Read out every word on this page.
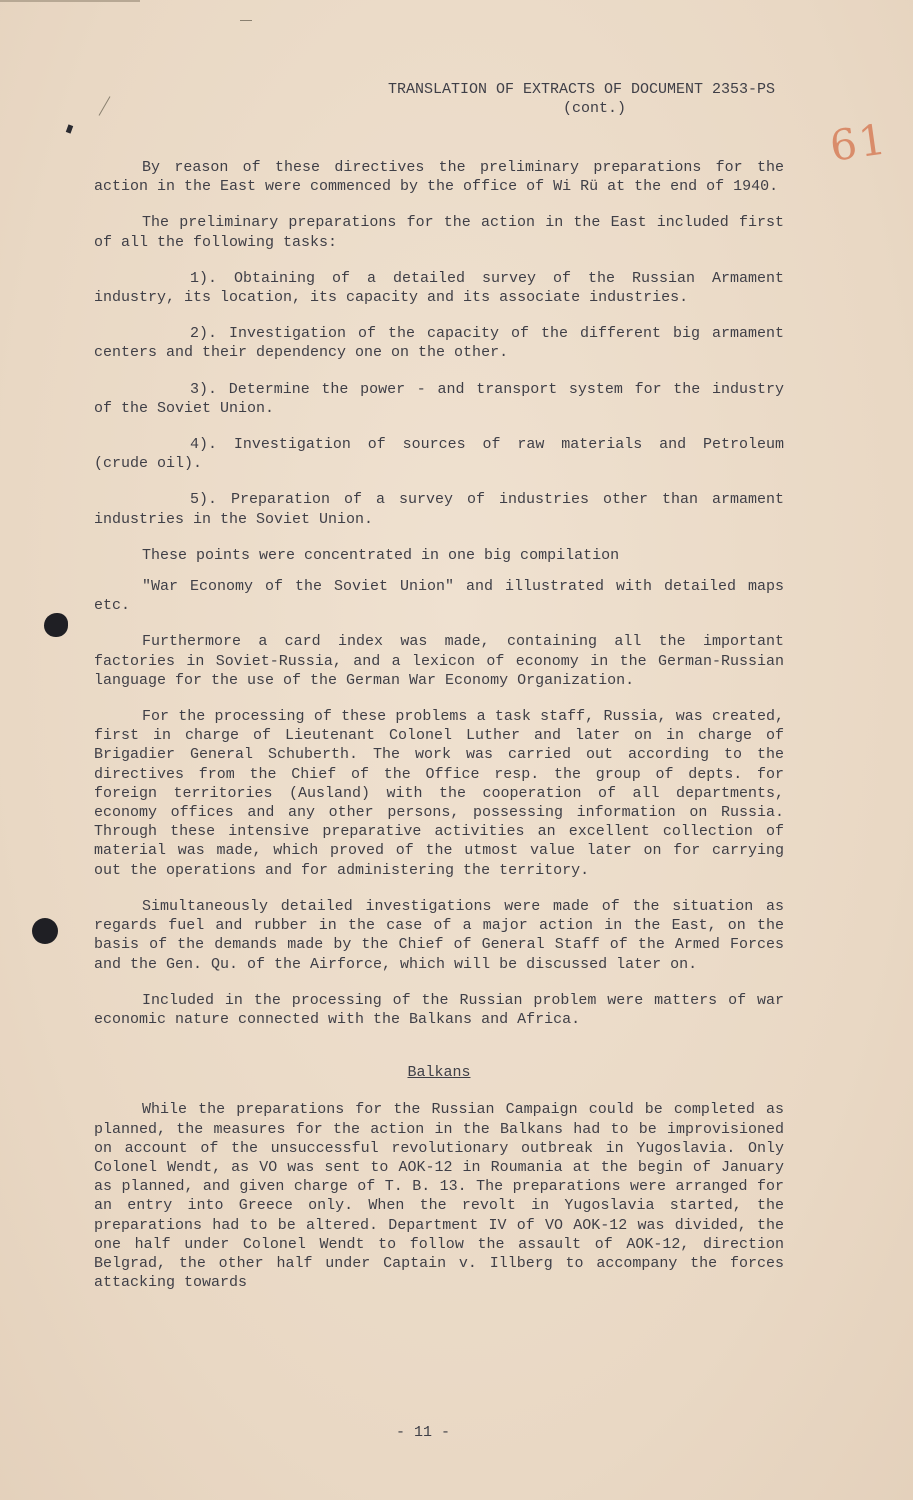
TRANSLATION OF EXTRACTS OF DOCUMENT 2353-PS
(cont.)
61

By reason of these directives the preliminary preparations for the action in the East were commenced by the office of Wi Rü at the end of 1940.

The preliminary preparations for the action in the East included first of all the following tasks:

1). Obtaining of a detailed survey of the Russian Armament industry, its location, its capacity and its associate industries.

2). Investigation of the capacity of the different big armament centers and their dependency one on the other.

3). Determine the power - and transport system for the industry of the Soviet Union.

4). Investigation of sources of raw materials and Petroleum (crude oil).

5). Preparation of a survey of industries other than armament industries in the Soviet Union.

These points were concentrated in one big compilation

"War Economy of the Soviet Union" and illustrated with detailed maps etc.

Furthermore a card index was made, containing all the important factories in Soviet-Russia, and a lexicon of economy in the German-Russian language for the use of the German War Economy Organization.

For the processing of these problems a task staff, Russia, was created, first in charge of Lieutenant Colonel Luther and later on in charge of Brigadier General Schuberth. The work was carried out according to the directives from the Chief of the Office resp. the group of depts. for foreign territories (Ausland) with the cooperation of all departments, economy offices and any other persons, possessing information on Russia. Through these intensive preparative activities an excellent collection of material was made, which proved of the utmost value later on for carrying out the operations and for administering the territory.

Simultaneously detailed investigations were made of the situation as regards fuel and rubber in the case of a major action in the East, on the basis of the demands made by the Chief of General Staff of the Armed Forces and the Gen. Qu. of the Airforce, which will be discussed later on.

Included in the processing of the Russian problem were matters of war economic nature connected with the Balkans and Africa.

Balkans

While the preparations for the Russian Campaign could be completed as planned, the measures for the action in the Balkans had to be improvisioned on account of the unsuccessful revolutionary outbreak in Yugoslavia. Only Colonel Wendt, as VO was sent to AOK-12 in Roumania at the begin of January as planned, and given charge of T. B. 13. The preparations were arranged for an entry into Greece only. When the revolt in Yugoslavia started, the preparations had to be altered. Department IV of VO AOK-12 was divided, the one half under Colonel Wendt to follow the assault of AOK-12, direction Belgrad, the other half under Captain v. Illberg to accompany the forces attacking towards

- 11 -
